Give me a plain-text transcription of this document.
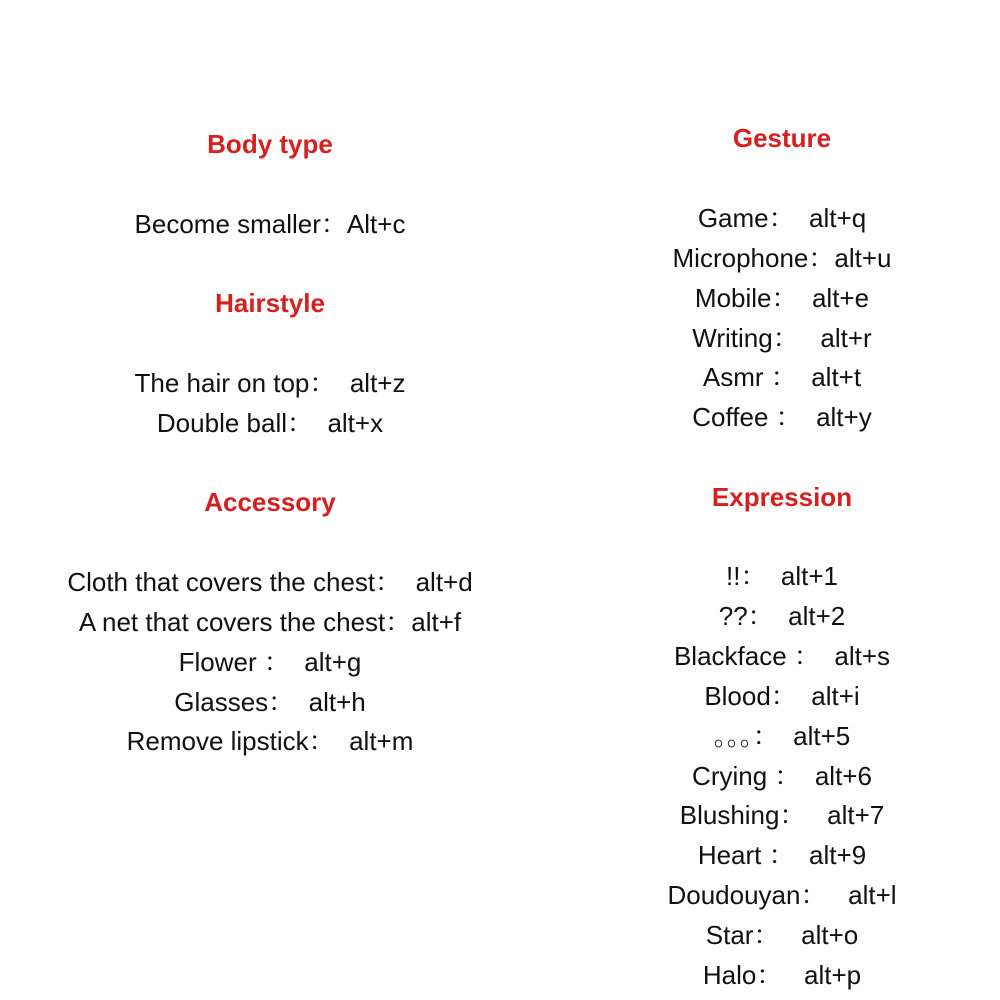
Body type
Become smaller：Alt+c
Hairstyle
The hair on top：  alt+z
Double ball：  alt+x
Accessory
Cloth that covers the chest：  alt+d
A net that covers the chest：alt+f
Flower ：  alt+g
Glasses：  alt+h
Remove lipstick：  alt+m
Gesture
Game：  alt+q
Microphone：alt+u
Mobile：  alt+e
Writing：   alt+r
Asmr ：  alt+t
Coffee ：  alt+y
Expression
!!：  alt+1
??：  alt+2
Blackface ：  alt+s
Blood：  alt+i
。。。：  alt+5
Crying ：  alt+6
Blushing：   alt+7
Heart ：  alt+9
Doudouyan：   alt+l
Star：   alt+o
Halo：   alt+p
